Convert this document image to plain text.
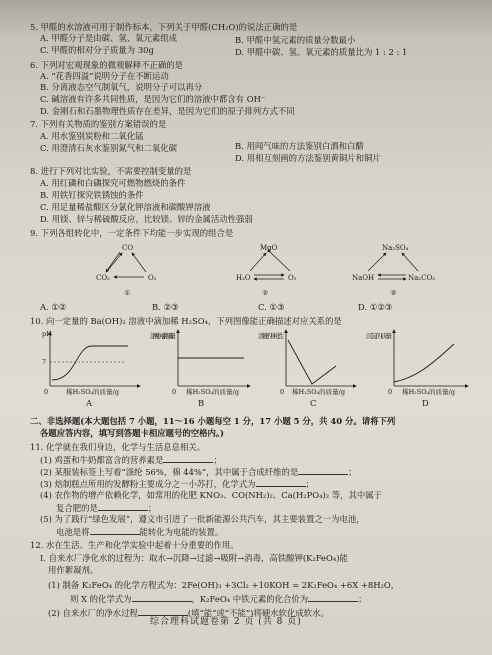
5. 甲醛的水溶液可用于制作标本，下列关于甲醛(CH₂O)的说法正确的是
A. 甲醛分子是由碳、氢、氧元素组成	B. 甲醛中氢元素的质量分数最小
C. 甲醛的相对分子质量为 30g	D. 甲醛中碳、氢、氧元素的质量比为 1 : 2 : 1
6. 下列对宏观现象的微观解释不正确的是
A. “花香四溢”说明分子在不断运动
B. 分离液态空气制氧气，说明分子可以再分
C. 碱溶液有许多共同性质，是因为它们的溶液中都含有 OH⁻
D. 金刚石和石墨物理性质存在差异，是因为它们的原子排列方式不同
7. 下列有关物质的鉴别方案错误的是
A. 用水鉴别炭粉和二氧化锰
B. 用闻气味的方法鉴别白酒和白醋
C. 用澄清石灰水鉴别氮气和二氧化碳
D. 用相互刻画的方法鉴别黄铜片和铜片
8. 进行下列对比实验，不需要控制变量的是
A. 用红磷和白磷探究可燃物燃烧的条件
B. 用铁钉探究铁锈蚀的条件
C. 用足量稀盐酸区分氯化钾溶液和碳酸钾溶液
D. 用镁、锌与稀硫酸反应，比较镁、锌的金属活动性强弱
9. 下列各组转化中，一定条件下均能一步实现的组合是
CO
CO₂	O₂
①
MgO
H₂O	O₂
②
Na₂SO₄
NaOH	Na₂CO₃
③
A. ①②	B. ②③	C. ①③	D. ①②③
10. 向一定量的 Ba(OH)₂ 溶液中滴加稀 H₂SO₄，下列图像能正确描述对应关系的是
pH
7
0	稀H₂SO₄的质量/g
溶液中元素的质量
0 稀H₂SO₄的质量/g
溶液的导电性
0 稀H₂SO₄的质量/g
沉淀的质量
0 稀H₂SO₄的质量/g
A	B	C	D
二、非选择题(本大题包括 7 小题，11～16 小题每空 1 分，17 小题 5 分，共 40 分。请将下列
各题应答内容，填写到答题卡相应题号的空格内。)
11. 化学就在我们身边，化学与生活息息相关。
(1) 鸡蛋和牛奶都富含的营养素是	；
(2) 某服装标签上写着“涤纶 56%，棉 44%”，其中属于合成纤维的是	；
(3) 焙制糕点所用的发酵粉主要成分之一小苏打，化学式为	；
(4) 农作物的增产依赖化学，如常用的化肥 KNO₃、CO(NH₂)₂、Ca(H₂PO₄)₂ 等，其中属于
复合肥的是	；
(5) 为了践行“绿色发展”，遵义市引进了一批新能源公共汽车，其主要装置之一为电池，
电池是将	能转化为电能的装置。
12. 水在生活、生产和化学实验中起着十分重要的作用。
Ⅰ. 自来水厂净化水的过程为：取水→沉降→过滤→吸附→消毒，高铁酸钾(K₂FeO₄)能
用作絮凝剂。
(1) 制备 K₂FeO₄ 的化学方程式为：2Fe(OH)₃ +3Cl₂ +10KOH = 2K₂FeO₄ +6X +8H₂O，
则 X 的化学式为	，K₂FeO₄ 中铁元素的化合价为	；
(2) 自来水厂的净水过程	(填“能”或“不能”)将硬水软化成软水。
综合理科试题卷第 2 页 (共 8 页)
